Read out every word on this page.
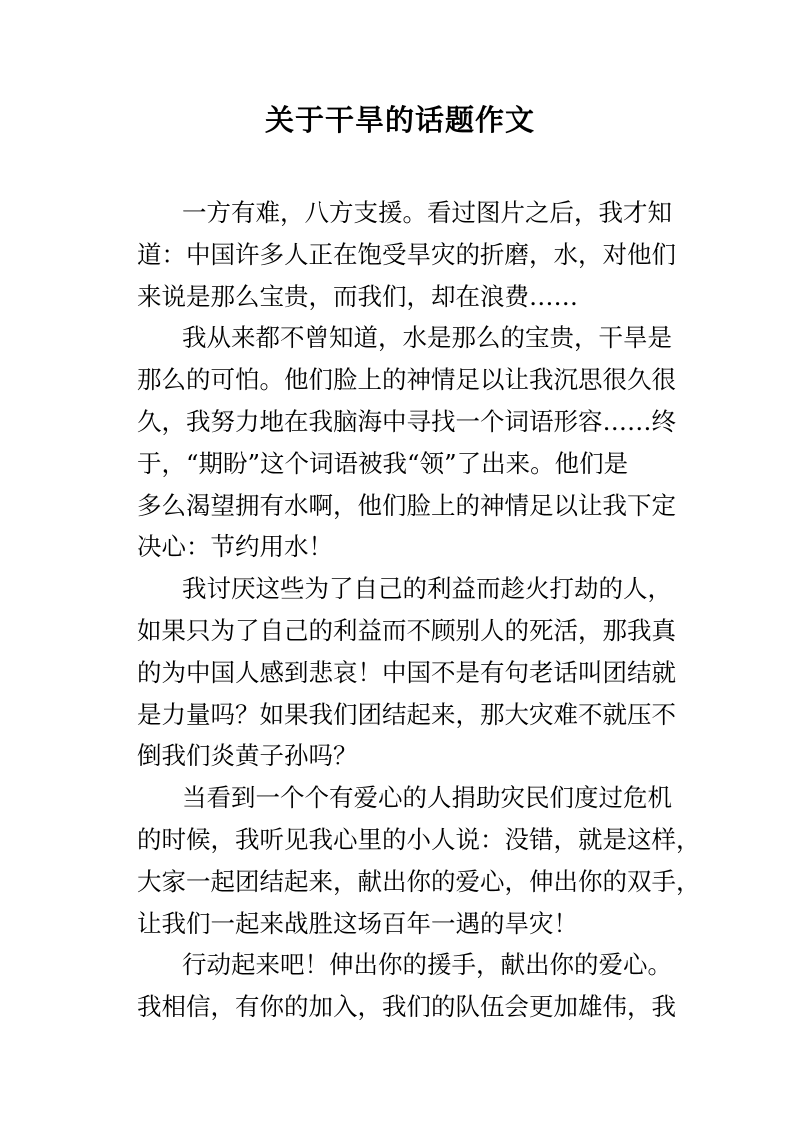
关于干旱的话题作文
一方有难，八方支援。看过图片之后，我才知
道：中国许多人正在饱受旱灾的折磨，水，对他们
来说是那么宝贵，而我们，却在浪费……
我从来都不曾知道，水是那么的宝贵，干旱是
那么的可怕。他们脸上的神情足以让我沉思很久很
久，我努力地在我脑海中寻找一个词语形容……终
于，“期盼”这个词语被我“领”了出来。他们是
多么渴望拥有水啊，他们脸上的神情足以让我下定
决心：节约用水！
我讨厌这些为了自己的利益而趁火打劫的人，
如果只为了自己的利益而不顾别人的死活，那我真
的为中国人感到悲哀！中国不是有句老话叫团结就
是力量吗？如果我们团结起来，那大灾难不就压不
倒我们炎黄子孙吗？
当看到一个个有爱心的人捐助灾民们度过危机
的时候，我听见我心里的小人说：没错，就是这样，
大家一起团结起来，献出你的爱心，伸出你的双手，
让我们一起来战胜这场百年一遇的旱灾！
行动起来吧！伸出你的援手，献出你的爱心。
我相信，有你的加入，我们的队伍会更加雄伟，我
